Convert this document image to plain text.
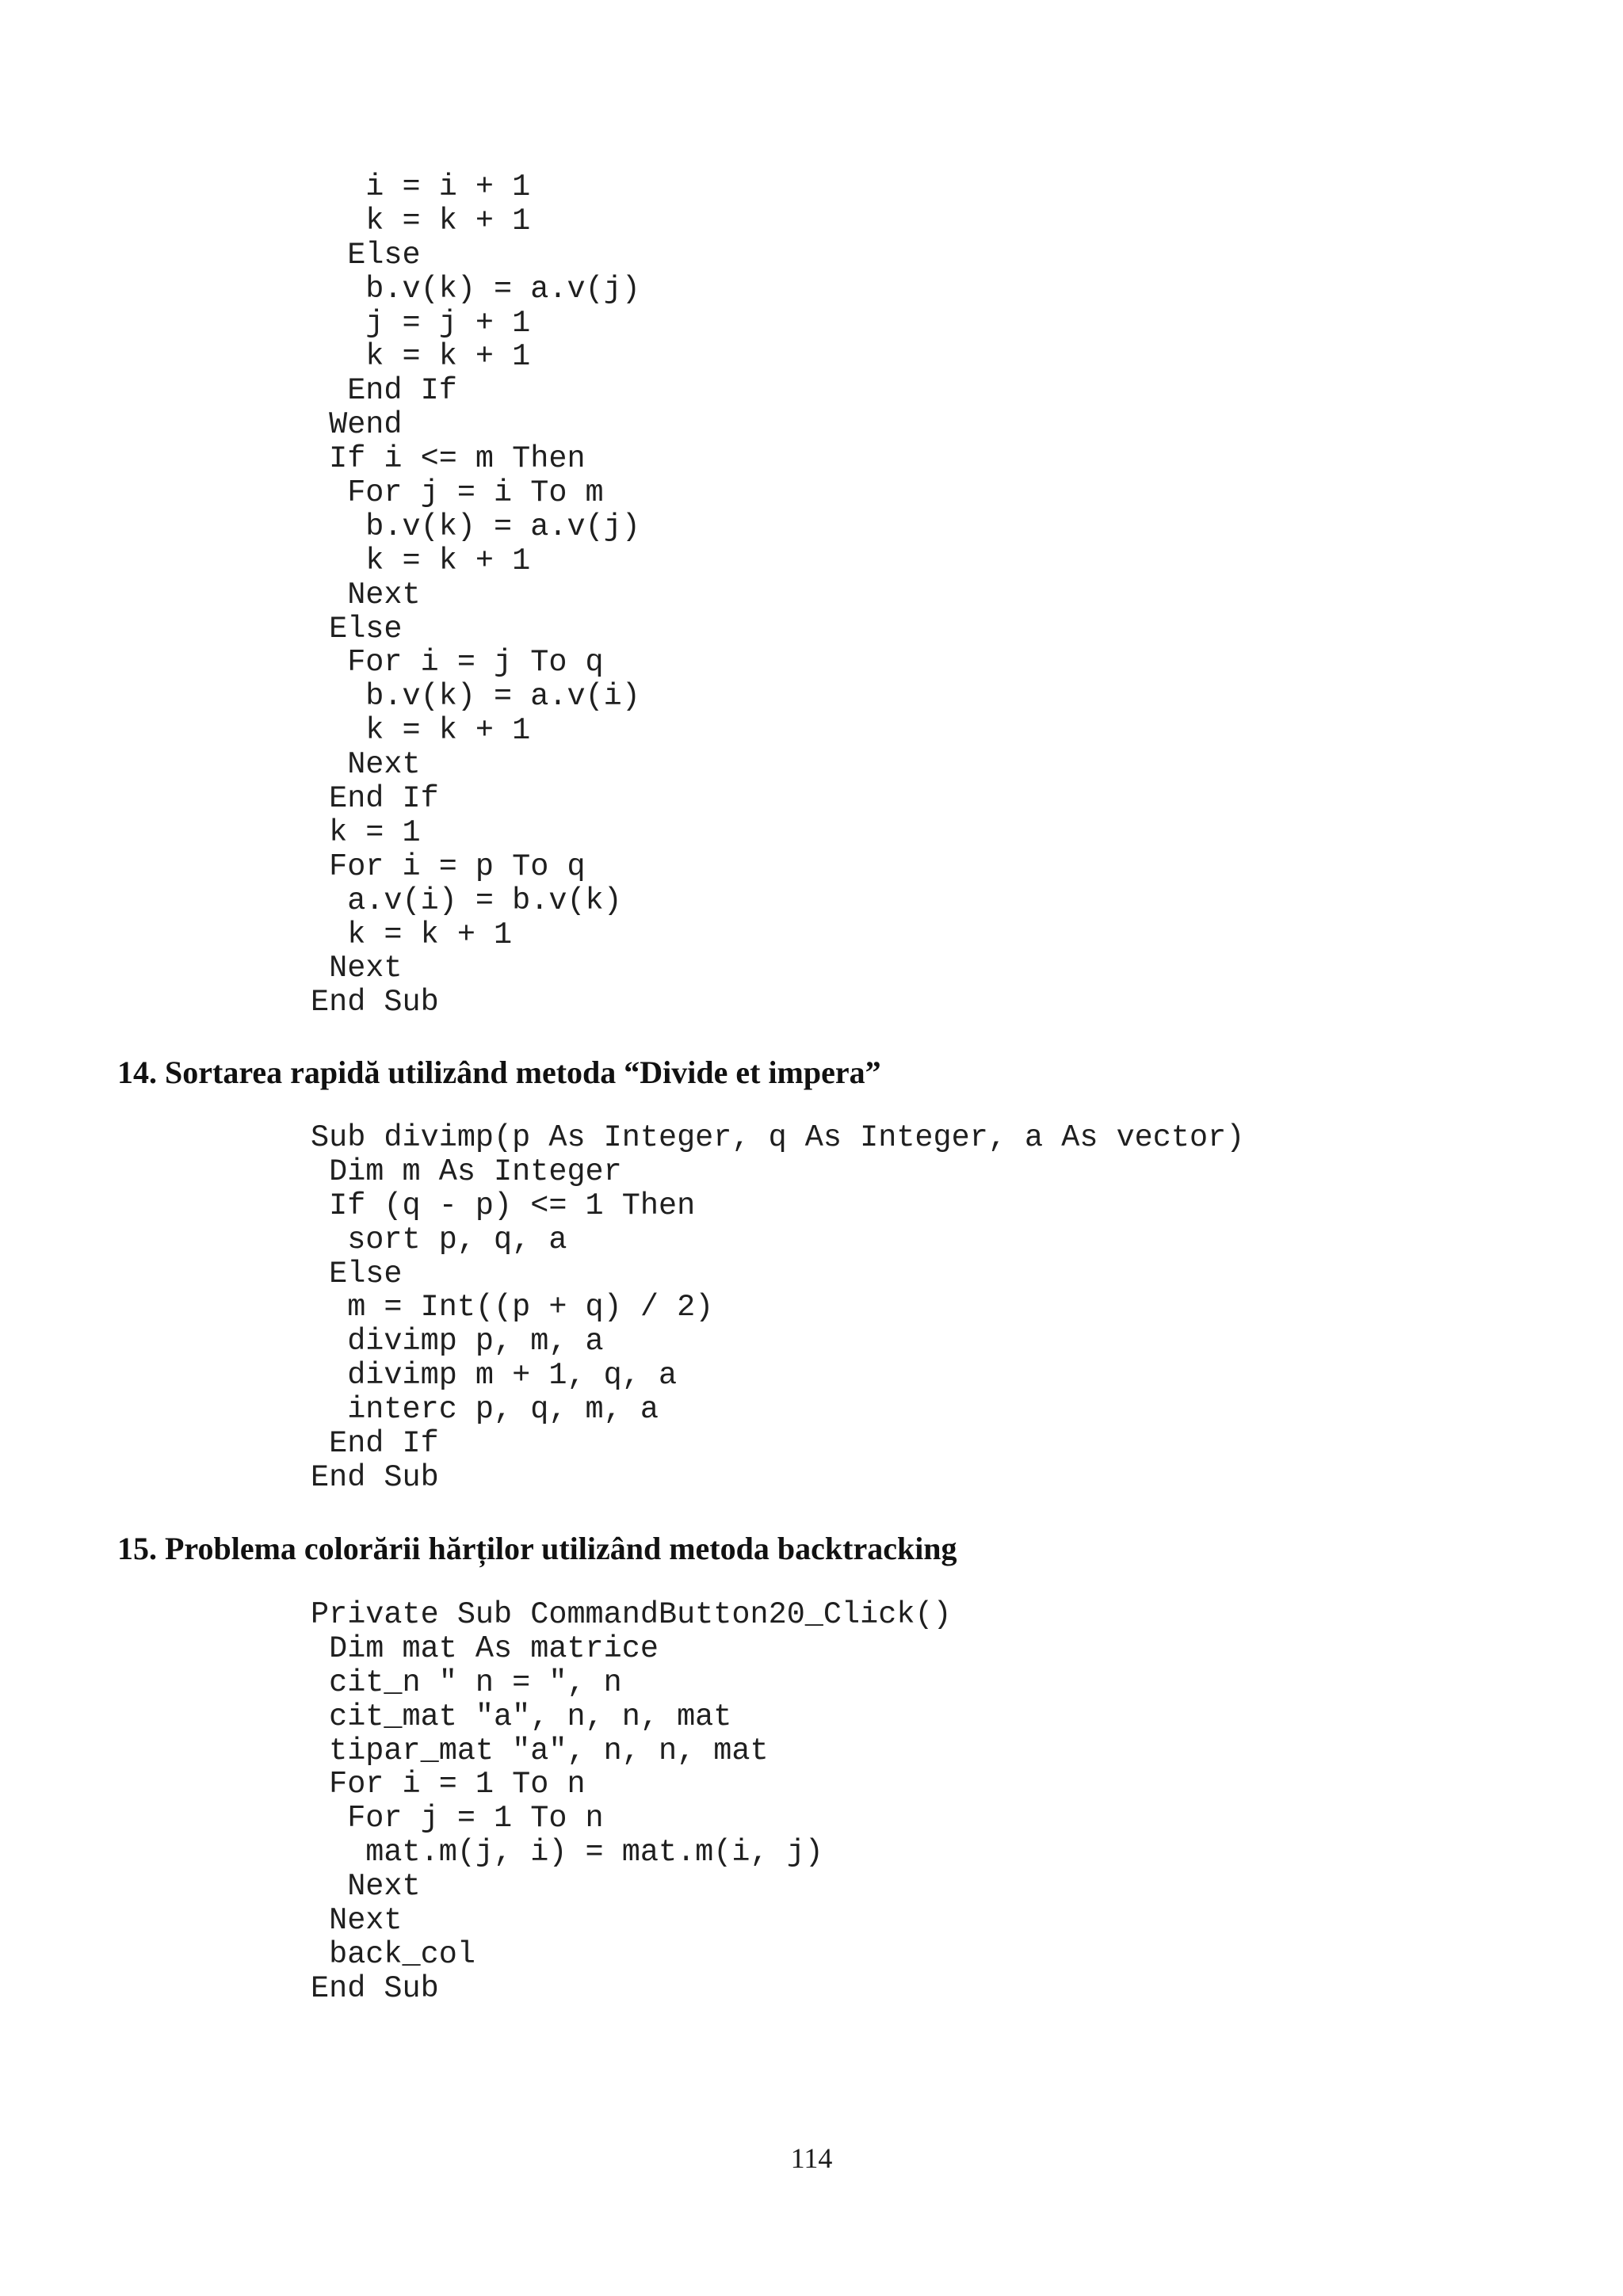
i = i + 1
k = k + 1
Else
b.v(k) = a.v(j)
j = j + 1
k = k + 1
End If
Wend
If i <= m Then
For j = i To m
b.v(k) = a.v(j)
k = k + 1
Next
Else
For i = j To q
b.v(k) = a.v(i)
k = k + 1
Next
End If
k = 1
For i = p To q
a.v(i) = b.v(k)
k = k + 1
Next
End Sub
14. Sortarea rapidă utilizând metoda “Divide et impera”
Sub divimp(p As Integer, q As Integer, a As vector)
Dim m As Integer
If (q - p) <= 1 Then
sort p, q, a
Else
m = Int((p + q) / 2)
divimp p, m, a
divimp m + 1, q, a
interc p, q, m, a
End If
End Sub
15. Problema colorării hărților utilizând metoda backtracking
Private Sub CommandButton20_Click()
Dim mat As matrice
cit_n " n = ", n
cit_mat "a", n, n, mat
tipar_mat "a", n, n, mat
For i = 1 To n
For j = 1 To n
mat.m(j, i) = mat.m(i, j)
Next
Next
back_col
End Sub
114
